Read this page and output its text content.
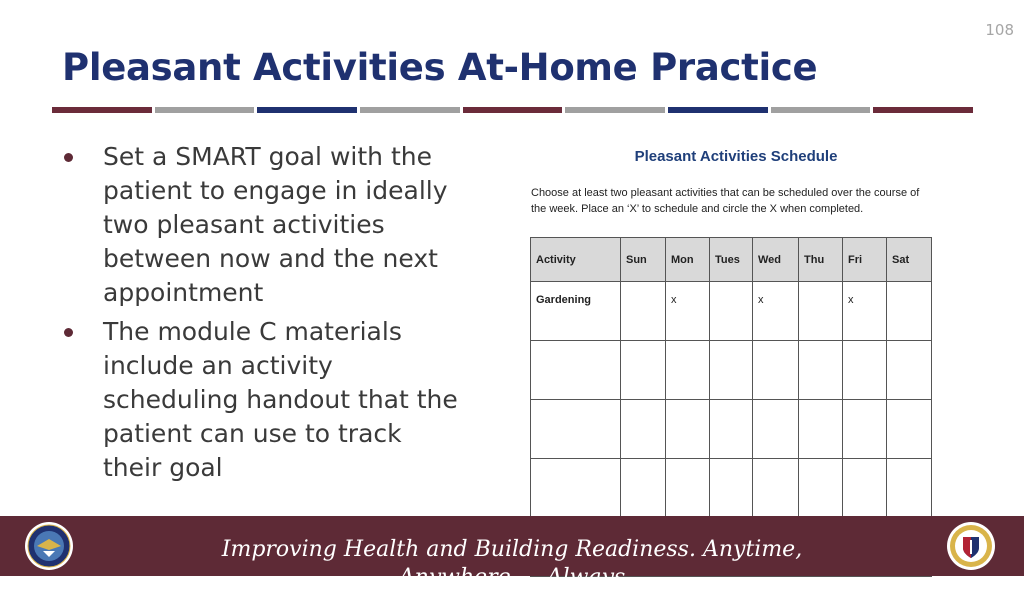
108
Pleasant Activities At-Home Practice
Set a SMART goal with the patient to engage in ideally two pleasant activities between now and the next appointment
The module C materials include an activity scheduling handout that the patient can use to track their goal
Pleasant Activities Schedule
Choose at least two pleasant activities that can be scheduled over the course of the week. Place an ‘X’ to schedule and circle the X when completed.
Activity	Sun	Mon	Tues	Wed	Thu	Fri	Sat
Gardening		x		x		x	

Improving Health and Building Readiness. Anytime, Anywhere — Always
